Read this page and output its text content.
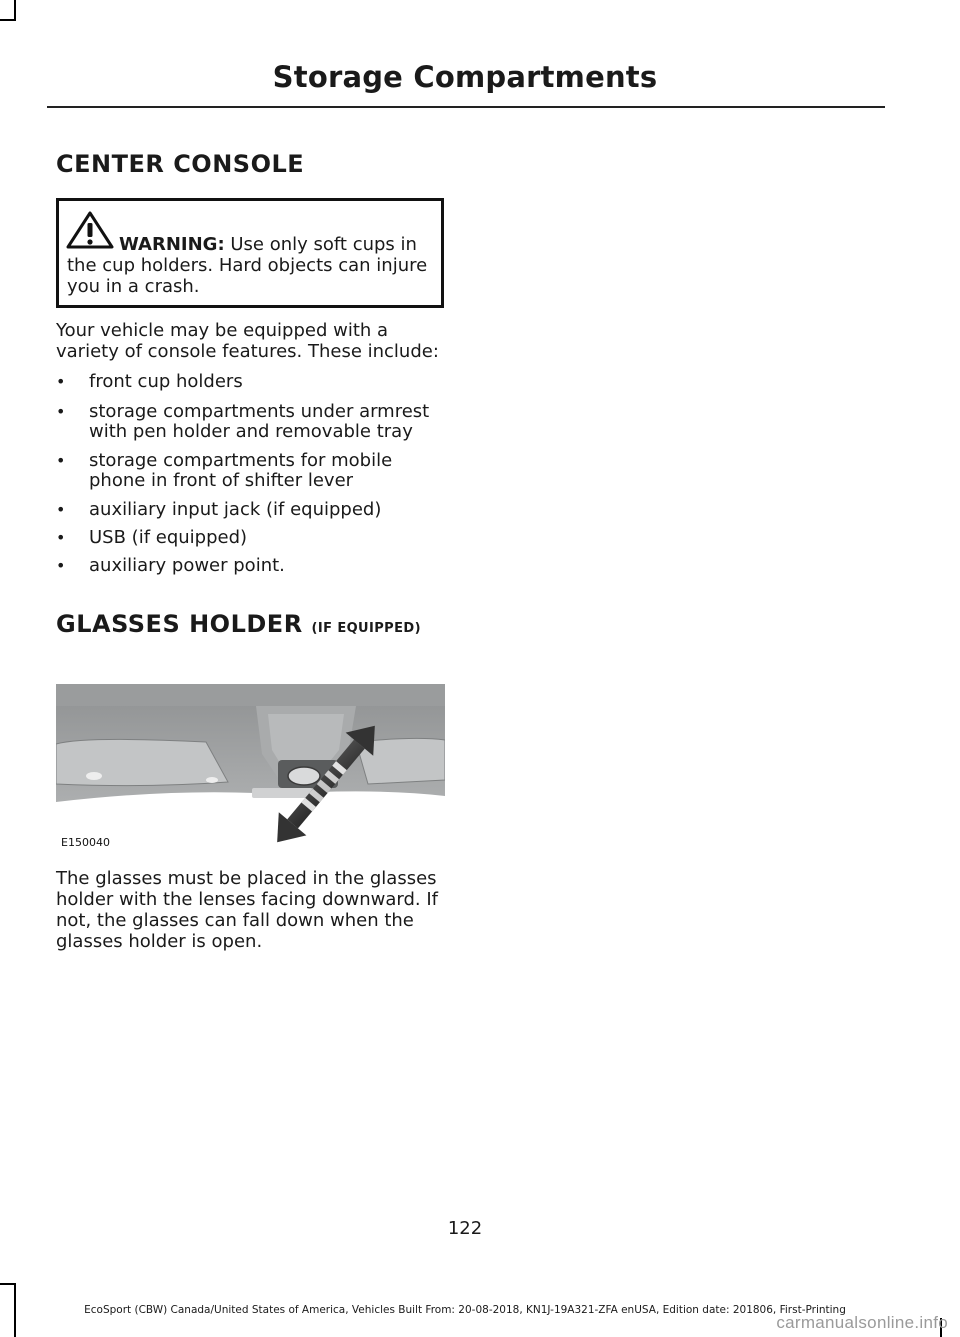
Storage Compartments
CENTER CONSOLE
WARNING: Use only soft cups in the cup holders. Hard objects can injure you in a crash.
Your vehicle may be equipped with a variety of console features. These include:
• front cup holders
• storage compartments under armrest with pen holder and removable tray
• storage compartments for mobile phone in front of shifter lever
• auxiliary input jack (if equipped)
• USB (if equipped)
• auxiliary power point.
GLASSES HOLDER (IF EQUIPPED)
E150040
The glasses must be placed in the glasses holder with the lenses facing downward. If not, the glasses can fall down when the glasses holder is open.
122
EcoSport (CBW) Canada/United States of America, Vehicles Built From: 20-08-2018, KN1J-19A321-ZFA enUSA, Edition date: 201806, First-Printing
carmanualsonline.info
